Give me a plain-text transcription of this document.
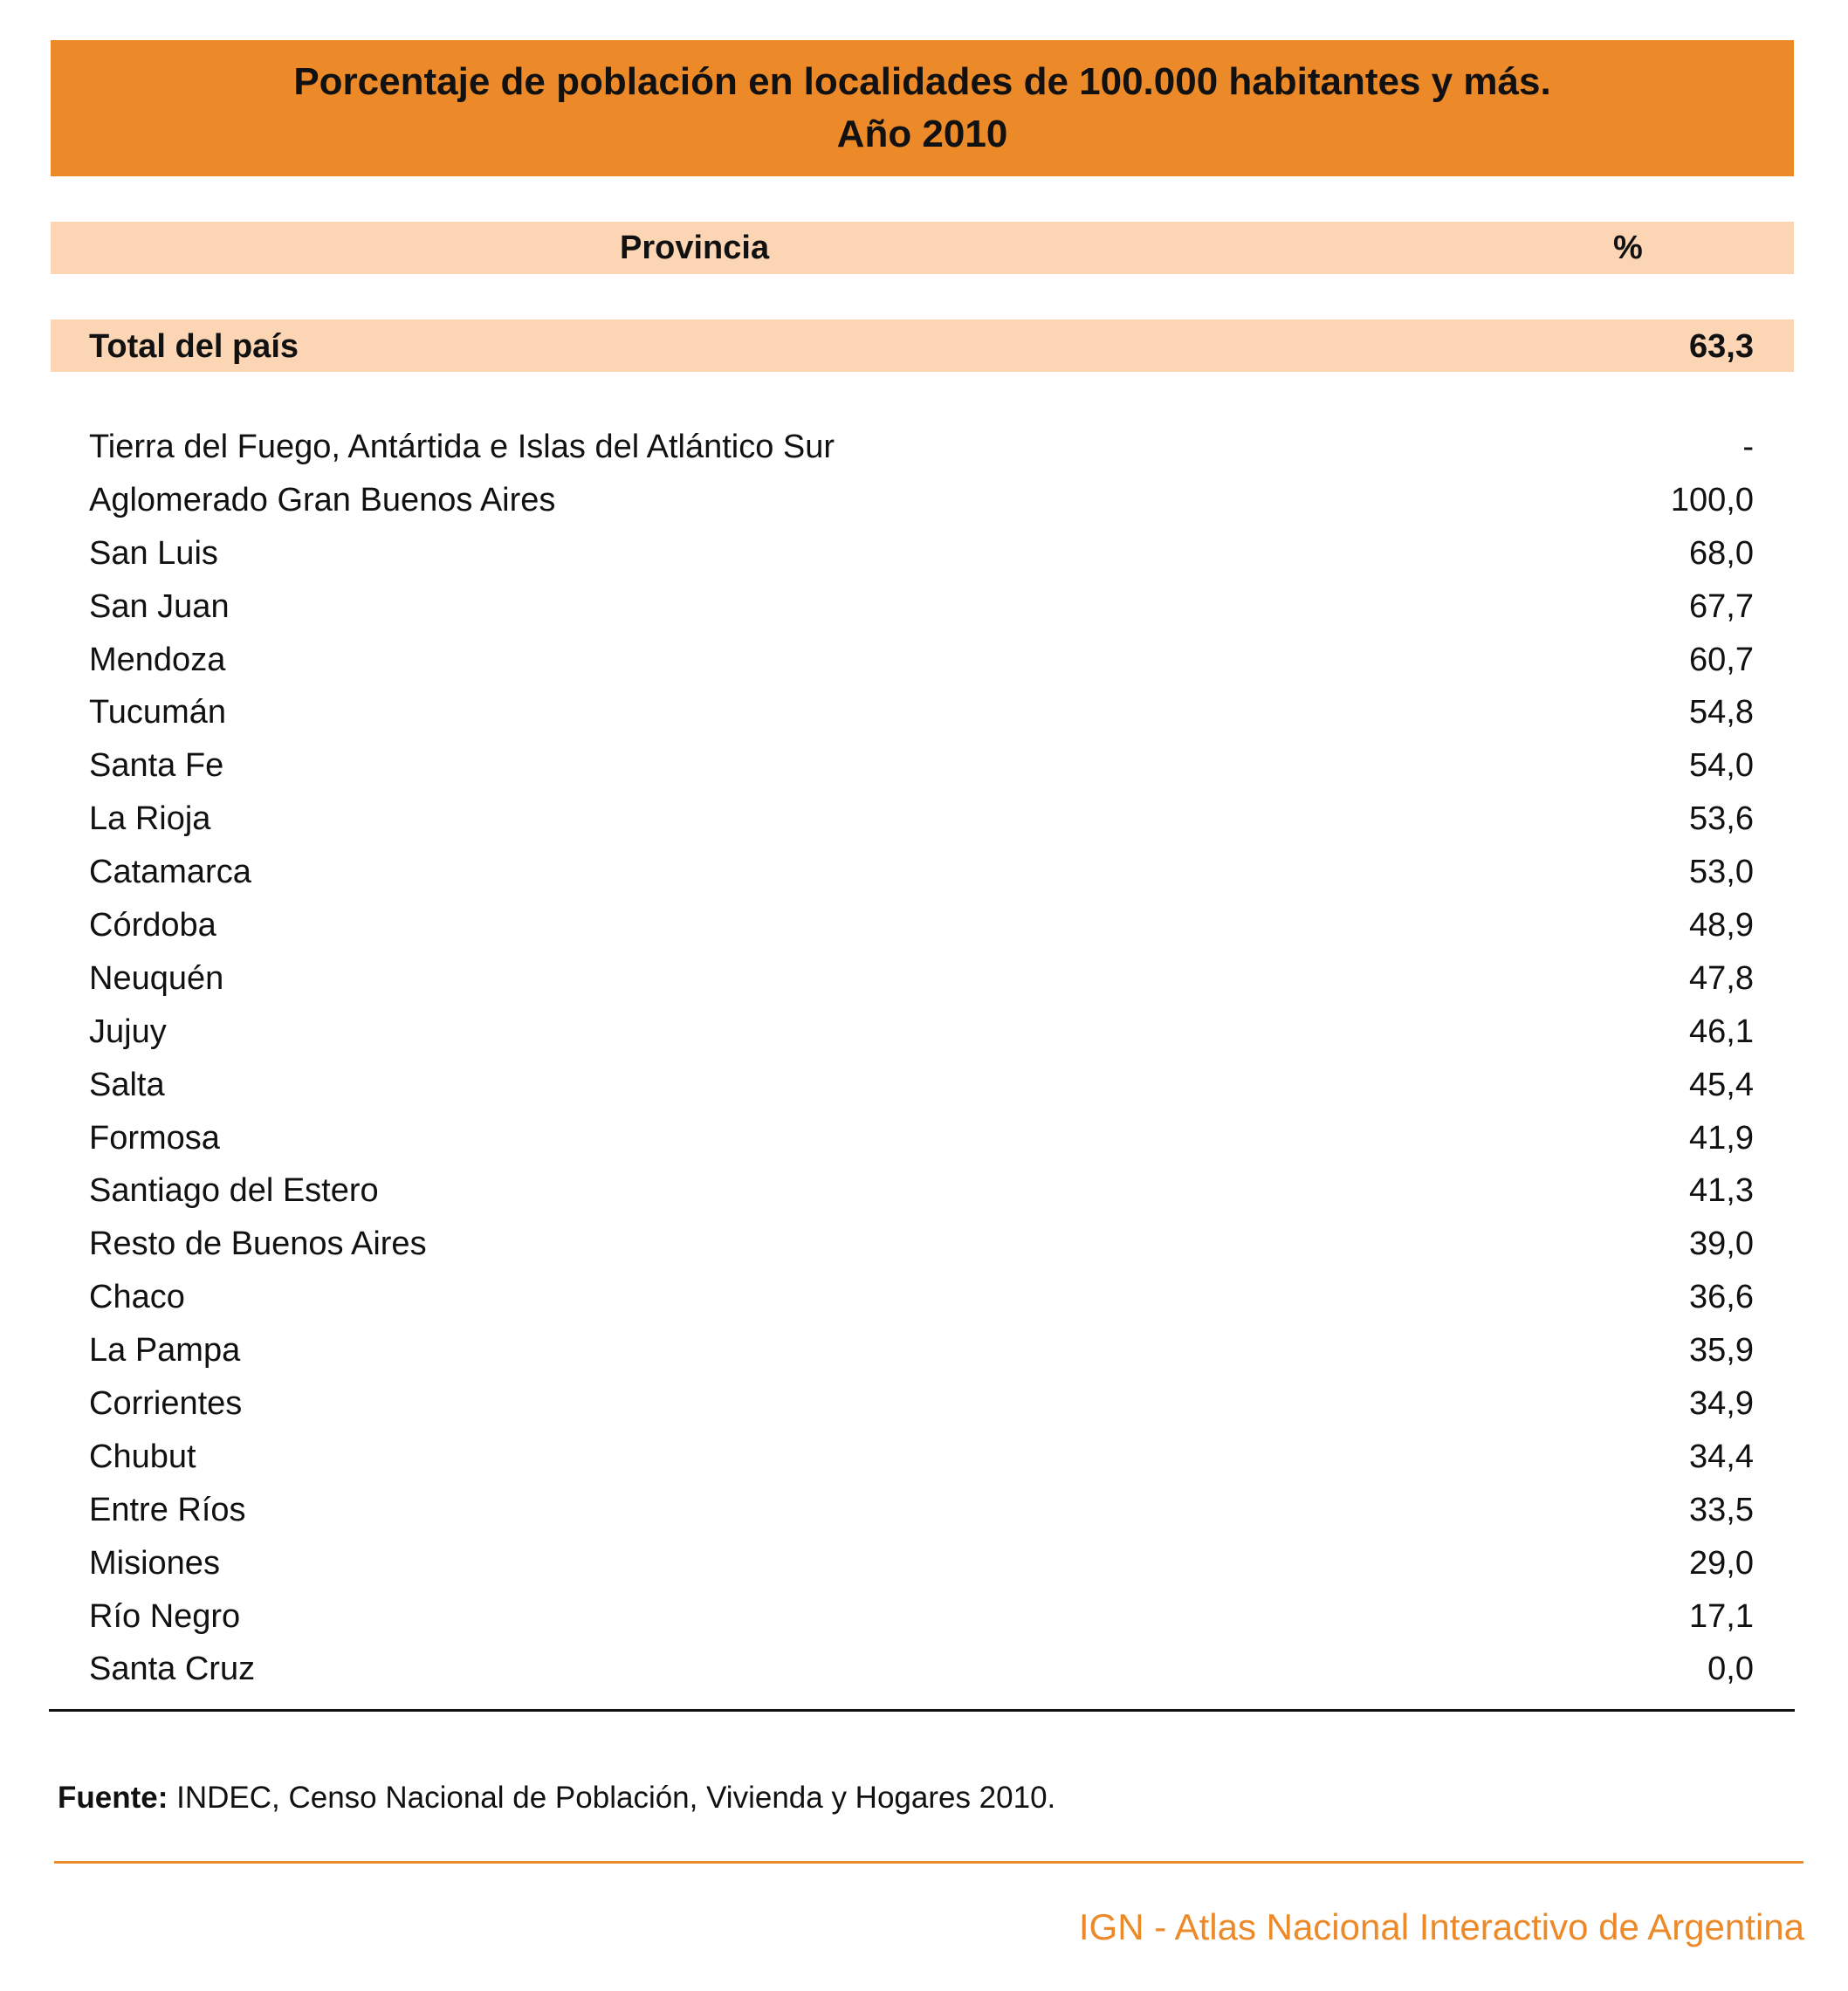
Porcentaje de población en localidades de 100.000 habitantes y más.
Año 2010
Provincia	%
Total del país	63,3
Tierra del Fuego, Antártida e Islas del Atlántico Sur	-
Aglomerado Gran Buenos Aires	100,0
San Luis	68,0
San Juan	67,7
Mendoza	60,7
Tucumán	54,8
Santa Fe	54,0
La Rioja	53,6
Catamarca	53,0
Córdoba	48,9
Neuquén	47,8
Jujuy	46,1
Salta	45,4
Formosa	41,9
Santiago del Estero	41,3
Resto de Buenos Aires	39,0
Chaco	36,6
La Pampa	35,9
Corrientes	34,9
Chubut	34,4
Entre Ríos	33,5
Misiones	29,0
Río Negro	17,1
Santa Cruz	0,0
Fuente: INDEC, Censo Nacional de Población, Vivienda y Hogares 2010.
IGN - Atlas Nacional Interactivo de Argentina
